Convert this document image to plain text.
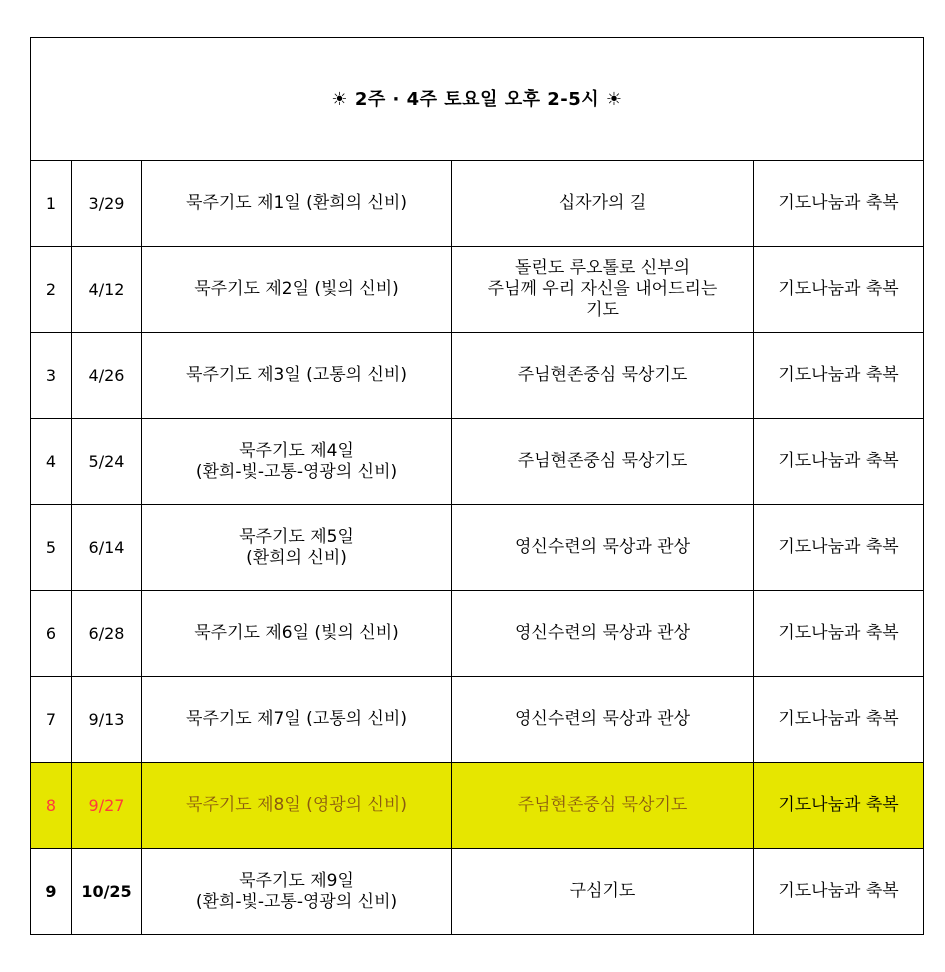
☀ 2주 · 4주 토요일 오후 2-5시 ☀				
1	3/29	묵주기도 제1일 (환희의 신비)	십자가의 길	기도나눔과 축복
2	4/12	묵주기도 제2일 (빛의 신비)	돌린도 루오톨로 신부의
주님께 우리 자신을 내어드리는
기도	기도나눔과 축복
3	4/26	묵주기도 제3일 (고통의 신비)	주님현존중심 묵상기도	기도나눔과 축복
4	5/24	묵주기도 제4일
(환희-빛-고통-영광의 신비)	주님현존중심 묵상기도	기도나눔과 축복
5	6/14	묵주기도 제5일
(환희의 신비)	영신수련의 묵상과 관상	기도나눔과 축복
6	6/28	묵주기도 제6일 (빛의 신비)	영신수련의 묵상과 관상	기도나눔과 축복
7	9/13	묵주기도 제7일 (고통의 신비)	영신수련의 묵상과 관상	기도나눔과 축복
8	9/27	묵주기도 제8일 (영광의 신비)	주님현존중심 묵상기도	기도나눔과 축복
9	10/25	묵주기도 제9일
(환희-빛-고통-영광의 신비)	구심기도	기도나눔과 축복
